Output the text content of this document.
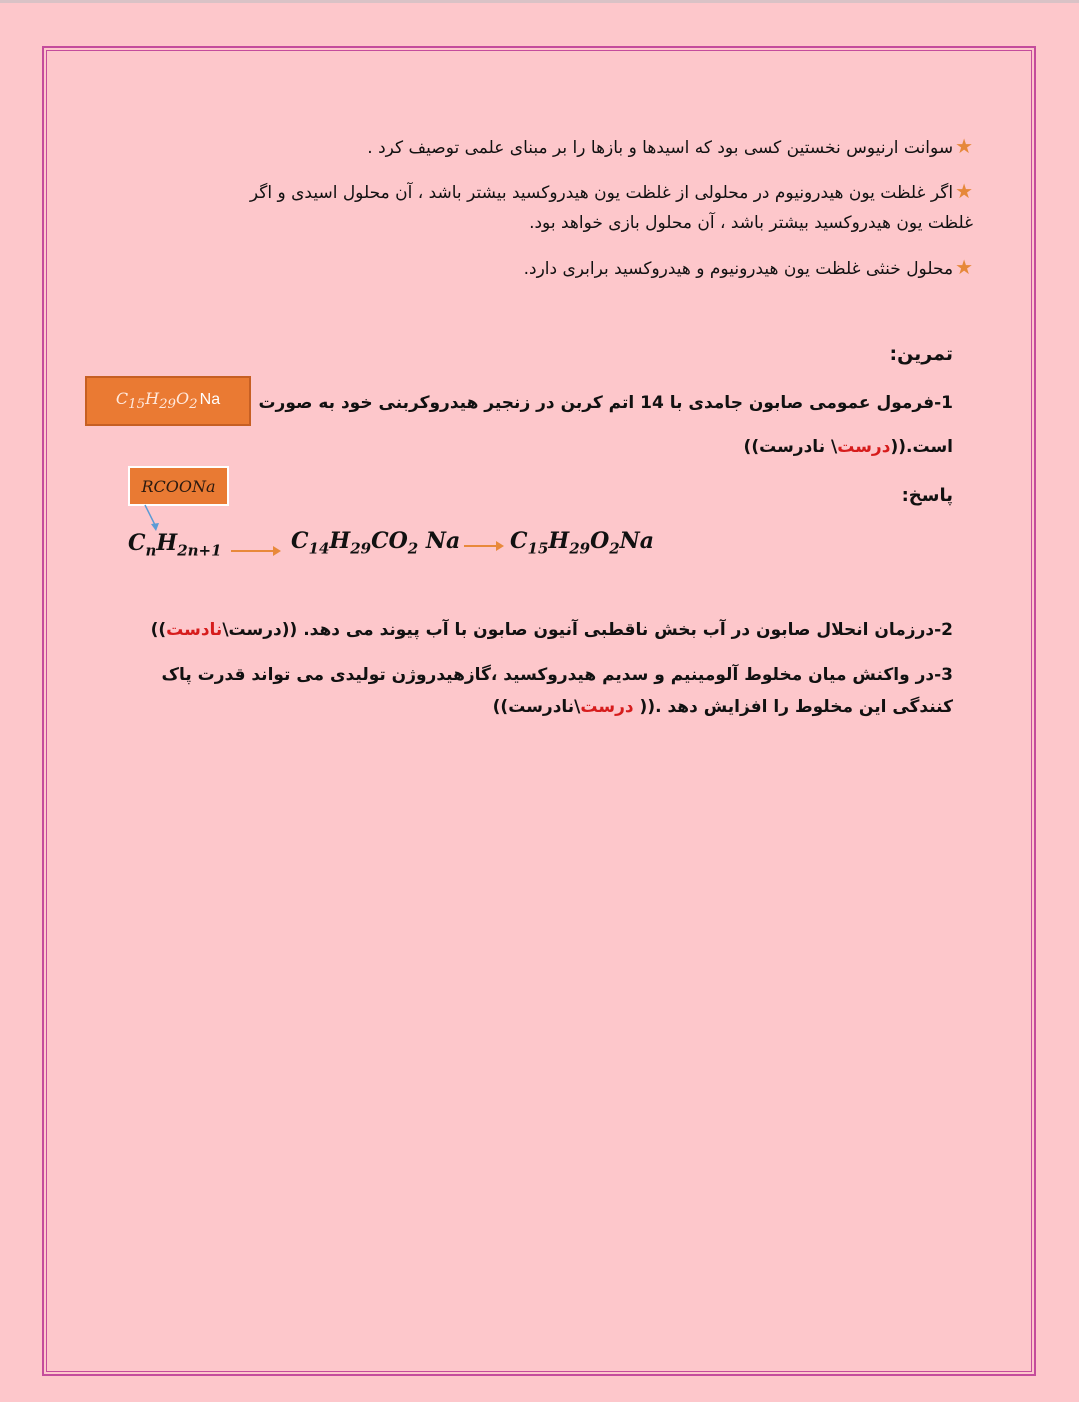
★سوانت ارنیوس نخستین کسی بود که اسیدها و بازها را بر مبنای علمی توصیف کرد .
★اگر غلظت یون هیدرونیوم در محلولی از غلظت یون هیدروکسید بیشتر باشد ، آن محلول اسیدی و اگر
غلظت یون هیدروکسید بیشتر باشد ، آن محلول بازی خواهد بود.
★محلول خنثی غلظت یون هیدرونیوم و هیدروکسید برابری دارد.
تمرین:
1-فرمول عمومی صابون جامدی با 14 اتم کربن در زنجیر هیدروکربنی خود به صورت
$C_{15}H_{29}O_2$ Na
است.((درست\ نادرست))
RCOONa	پاسخ:
$C_nH_{2n+1}$	$C_{14}H_{29}CO_2$ Na $C_{15}H_{29}O_2Na$
2-درزمان انحلال صابون در آب بخش ناقطبی آنیون صابون با آب پیوند می دهد. ((درست\نادست))
3-در واکنش میان مخلوط آلومینیم و سدیم هیدروکسید ،گازهیدروژن تولیدی می تواند قدرت پاک
کنندگی این مخلوط را افزایش دهد .(( درست\نادرست))
